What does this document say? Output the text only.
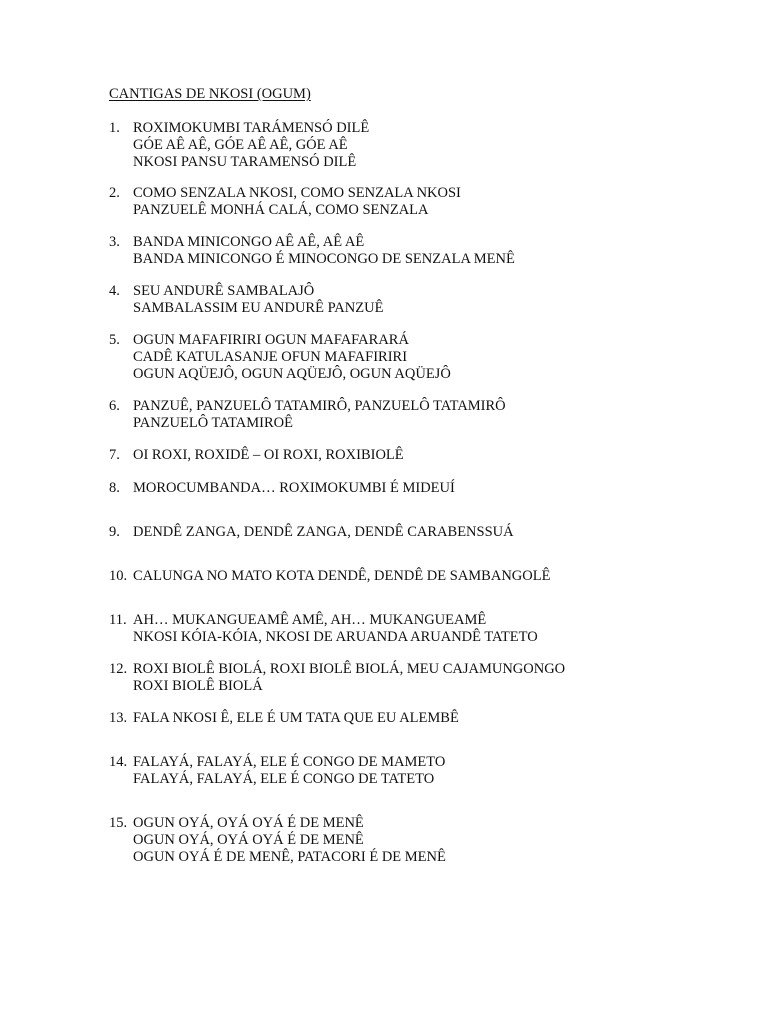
CANTIGAS DE NKOSI (OGUM)
1. ROXIMOKUMBI TARÁMENSÓ DILÊ
GÓE AÊ AÊ, GÓE AÊ AÊ, GÓE AÊ
NKOSI PANSU TARAMENSÓ DILÊ
2. COMO SENZALA NKOSI, COMO SENZALA NKOSI
PANZUELÊ MONHÁ CALÁ, COMO SENZALA
3. BANDA MINICONGO AÊ AÊ, AÊ AÊ
BANDA MINICONGO É MINOCONGO DE SENZALA MENÊ
4. SEU ANDURÊ SAMBALAJÔ
SAMBALASSIM EU ANDURÊ PANZUÊ
5. OGUN MAFAFIRIRI OGUN MAFAFARARÁ
CADÊ KATULASANJE OFUN MAFAFIRIRI
OGUN AQÜEJÔ, OGUN AQÜEJÔ, OGUN AQÜEJÔ
6. PANZUÊ, PANZUELÔ TATAMIRÔ, PANZUELÔ TATAMIRÔ
PANZUELÔ TATAMIROÊ
7. OI ROXI, ROXIDÊ – OI ROXI, ROXIBIOLÊ
8. MOROCUMBANDA… ROXIMOKUMBI É MIDEUÍ
9. DENDÊ ZANGA, DENDÊ ZANGA, DENDÊ CARABENSSUÁ
10. CALUNGA NO MATO KOTA DENDÊ, DENDÊ DE SAMBANGOLÊ
11. AH… MUKANGUEAMÊ AMÊ, AH… MUKANGUEAMÊ
NKOSI KÓIA-KÓIA, NKOSI DE ARUANDA ARUANDÊ TATETO
12. ROXI BIOLÊ BIOLÁ, ROXI BIOLÊ BIOLÁ, MEU CAJAMUNGONGO
ROXI BIOLÊ BIOLÁ
13. FALA NKOSI Ê, ELE É UM TATA QUE EU ALEMBÊ
14. FALAYÁ, FALAYÁ, ELE É CONGO DE MAMETO
FALAYÁ, FALAYÁ, ELE É CONGO DE TATETO
15. OGUN OYÁ, OYÁ OYÁ É DE MENÊ
OGUN OYÁ, OYÁ OYÁ É DE MENÊ
OGUN OYÁ É DE MENÊ, PATACORI É DE MENÊ
